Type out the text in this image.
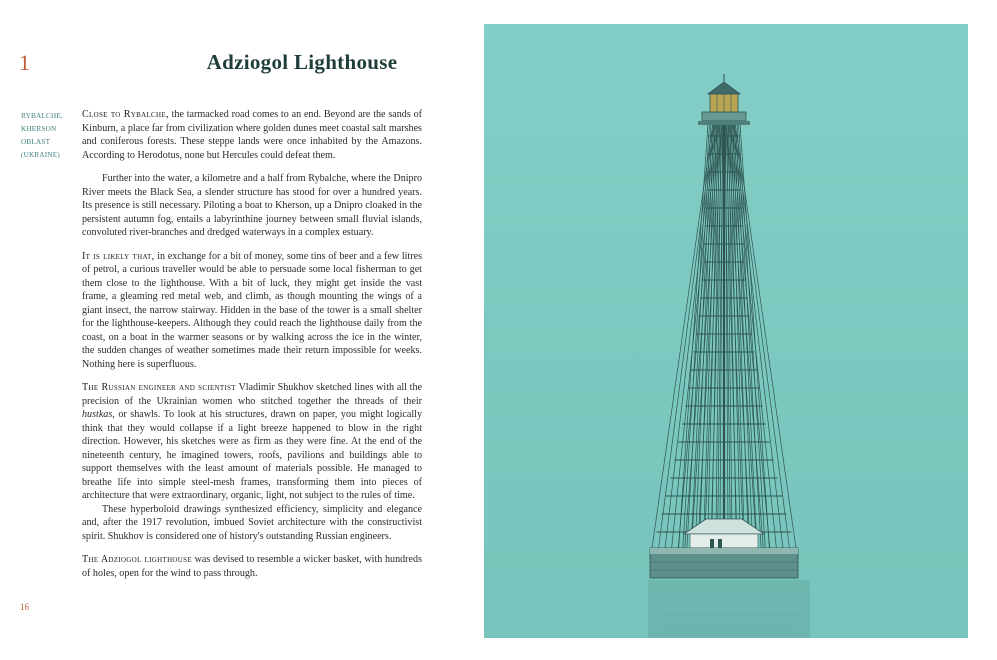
1	Adziogol Lighthouse
RYBALCHE,
KHERSON
OBLAST
(UKRAINE)

Close to Rybalche, the tarmacked road comes to an end. Beyond are the sands of Kinburn, a place far from civilization where golden dunes meet coastal salt marshes and coniferous forests. These steppe lands were once inhabited by the Amazons. According to Herodotus, none but Hercules could defeat them.

Further into the water, a kilometre and a half from Rybalche, where the Dnipro River meets the Black Sea, a slender structure has stood for over a hundred years. Its presence is still necessary. Piloting a boat to Kherson, up a Dnipro cloaked in the persistent autumn fog, entails a labyrinthine journey between small fluvial islands, convoluted river-branches and dredged waterways in a complex estuary.

It is likely that, in exchange for a bit of money, some tins of beer and a few litres of petrol, a curious traveller would be able to persuade some local fisherman to get them close to the lighthouse. With a bit of luck, they might get inside the vast frame, a gleaming red metal web, and climb, as though mounting the wings of a giant insect, the narrow stairway. Hidden in the base of the tower is a small shelter for the lighthouse-keepers. Although they could reach the lighthouse daily from the coast, on a boat in the warmer seasons or by walking across the ice in the winter, the sudden changes of weather sometimes made their return impossible for weeks. Nothing here is superfluous.

The Russian engineer and scientist Vladimir Shukhov sketched lines with all the precision of the Ukrainian women who stitched together the threads of their hustkas, or shawls. To look at his structures, drawn on paper, you might logically think that they would collapse if a light breeze happened to blow in the right direction. However, his sketches were as firm as they were fine. At the end of the nineteenth century, he imagined towers, roofs, pavilions and buildings able to support themselves with the least amount of materials possible. He managed to breathe life into simple steel-mesh frames, transforming them into pieces of architecture that were extraordinary, organic, light, not subject to the rules of time.

These hyperboloid drawings synthesized efficiency, simplicity and elegance and, after the 1917 revolution, imbued Soviet architecture with the constructivist spirit. Shukhov is considered one of history's outstanding Russian engineers.

The Adziogol lighthouse was devised to resemble a wicker basket, with hundreds of holes, open for the wind to pass through.

16
